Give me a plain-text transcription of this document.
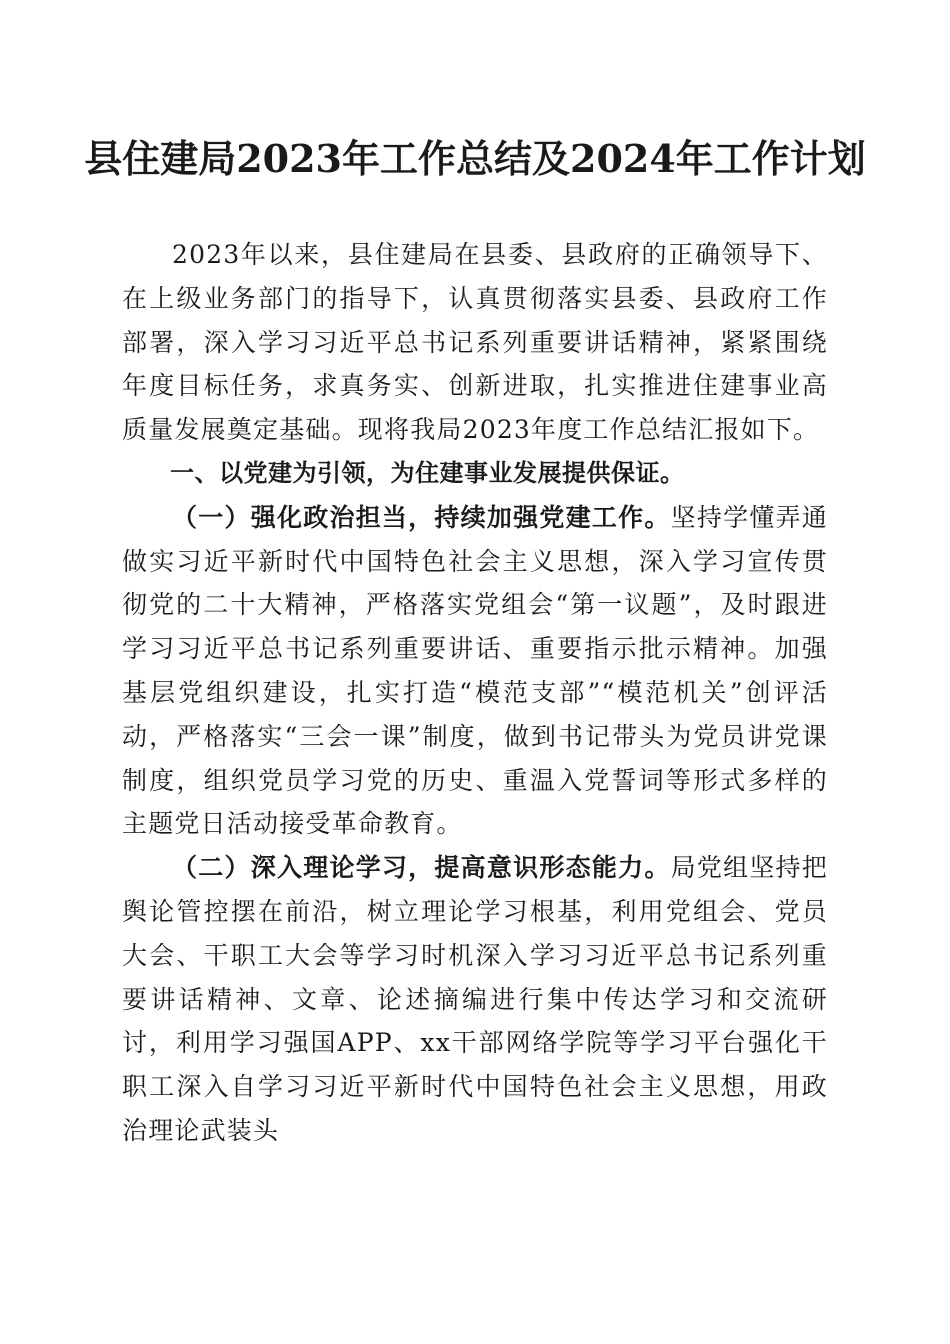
县住建局2023年工作总结及2024年工作计划

2023年以来，县住建局在县委、县政府的正确领导下、在上级业务部门的指导下，认真贯彻落实县委、县政府工作部署，深入学习习近平总书记系列重要讲话精神，紧紧围绕年度目标任务，求真务实、创新进取，扎实推进住建事业高质量发展奠定基础。现将我局2023年度工作总结汇报如下。

一、以党建为引领，为住建事业发展提供保证。

（一）强化政治担当，持续加强党建工作。坚持学懂弄通做实习近平新时代中国特色社会主义思想，深入学习宣传贯彻党的二十大精神，严格落实党组会“第一议题”，及时跟进学习习近平总书记系列重要讲话、重要指示批示精神。加强基层党组织建设，扎实打造“模范支部”“模范机关”创评活动，严格落实“三会一课”制度，做到书记带头为党员讲党课制度，组织党员学习党的历史、重温入党誓词等形式多样的主题党日活动接受革命教育。

（二）深入理论学习，提高意识形态能力。局党组坚持把舆论管控摆在前沿，树立理论学习根基，利用党组会、党员大会、干职工大会等学习时机深入学习习近平总书记系列重要讲话精神、文章、论述摘编进行集中传达学习和交流研讨，利用学习强国APP、xx干部网络学院等学习平台强化干职工深入自学习习近平新时代中国特色社会主义思想，用政治理论武装头
